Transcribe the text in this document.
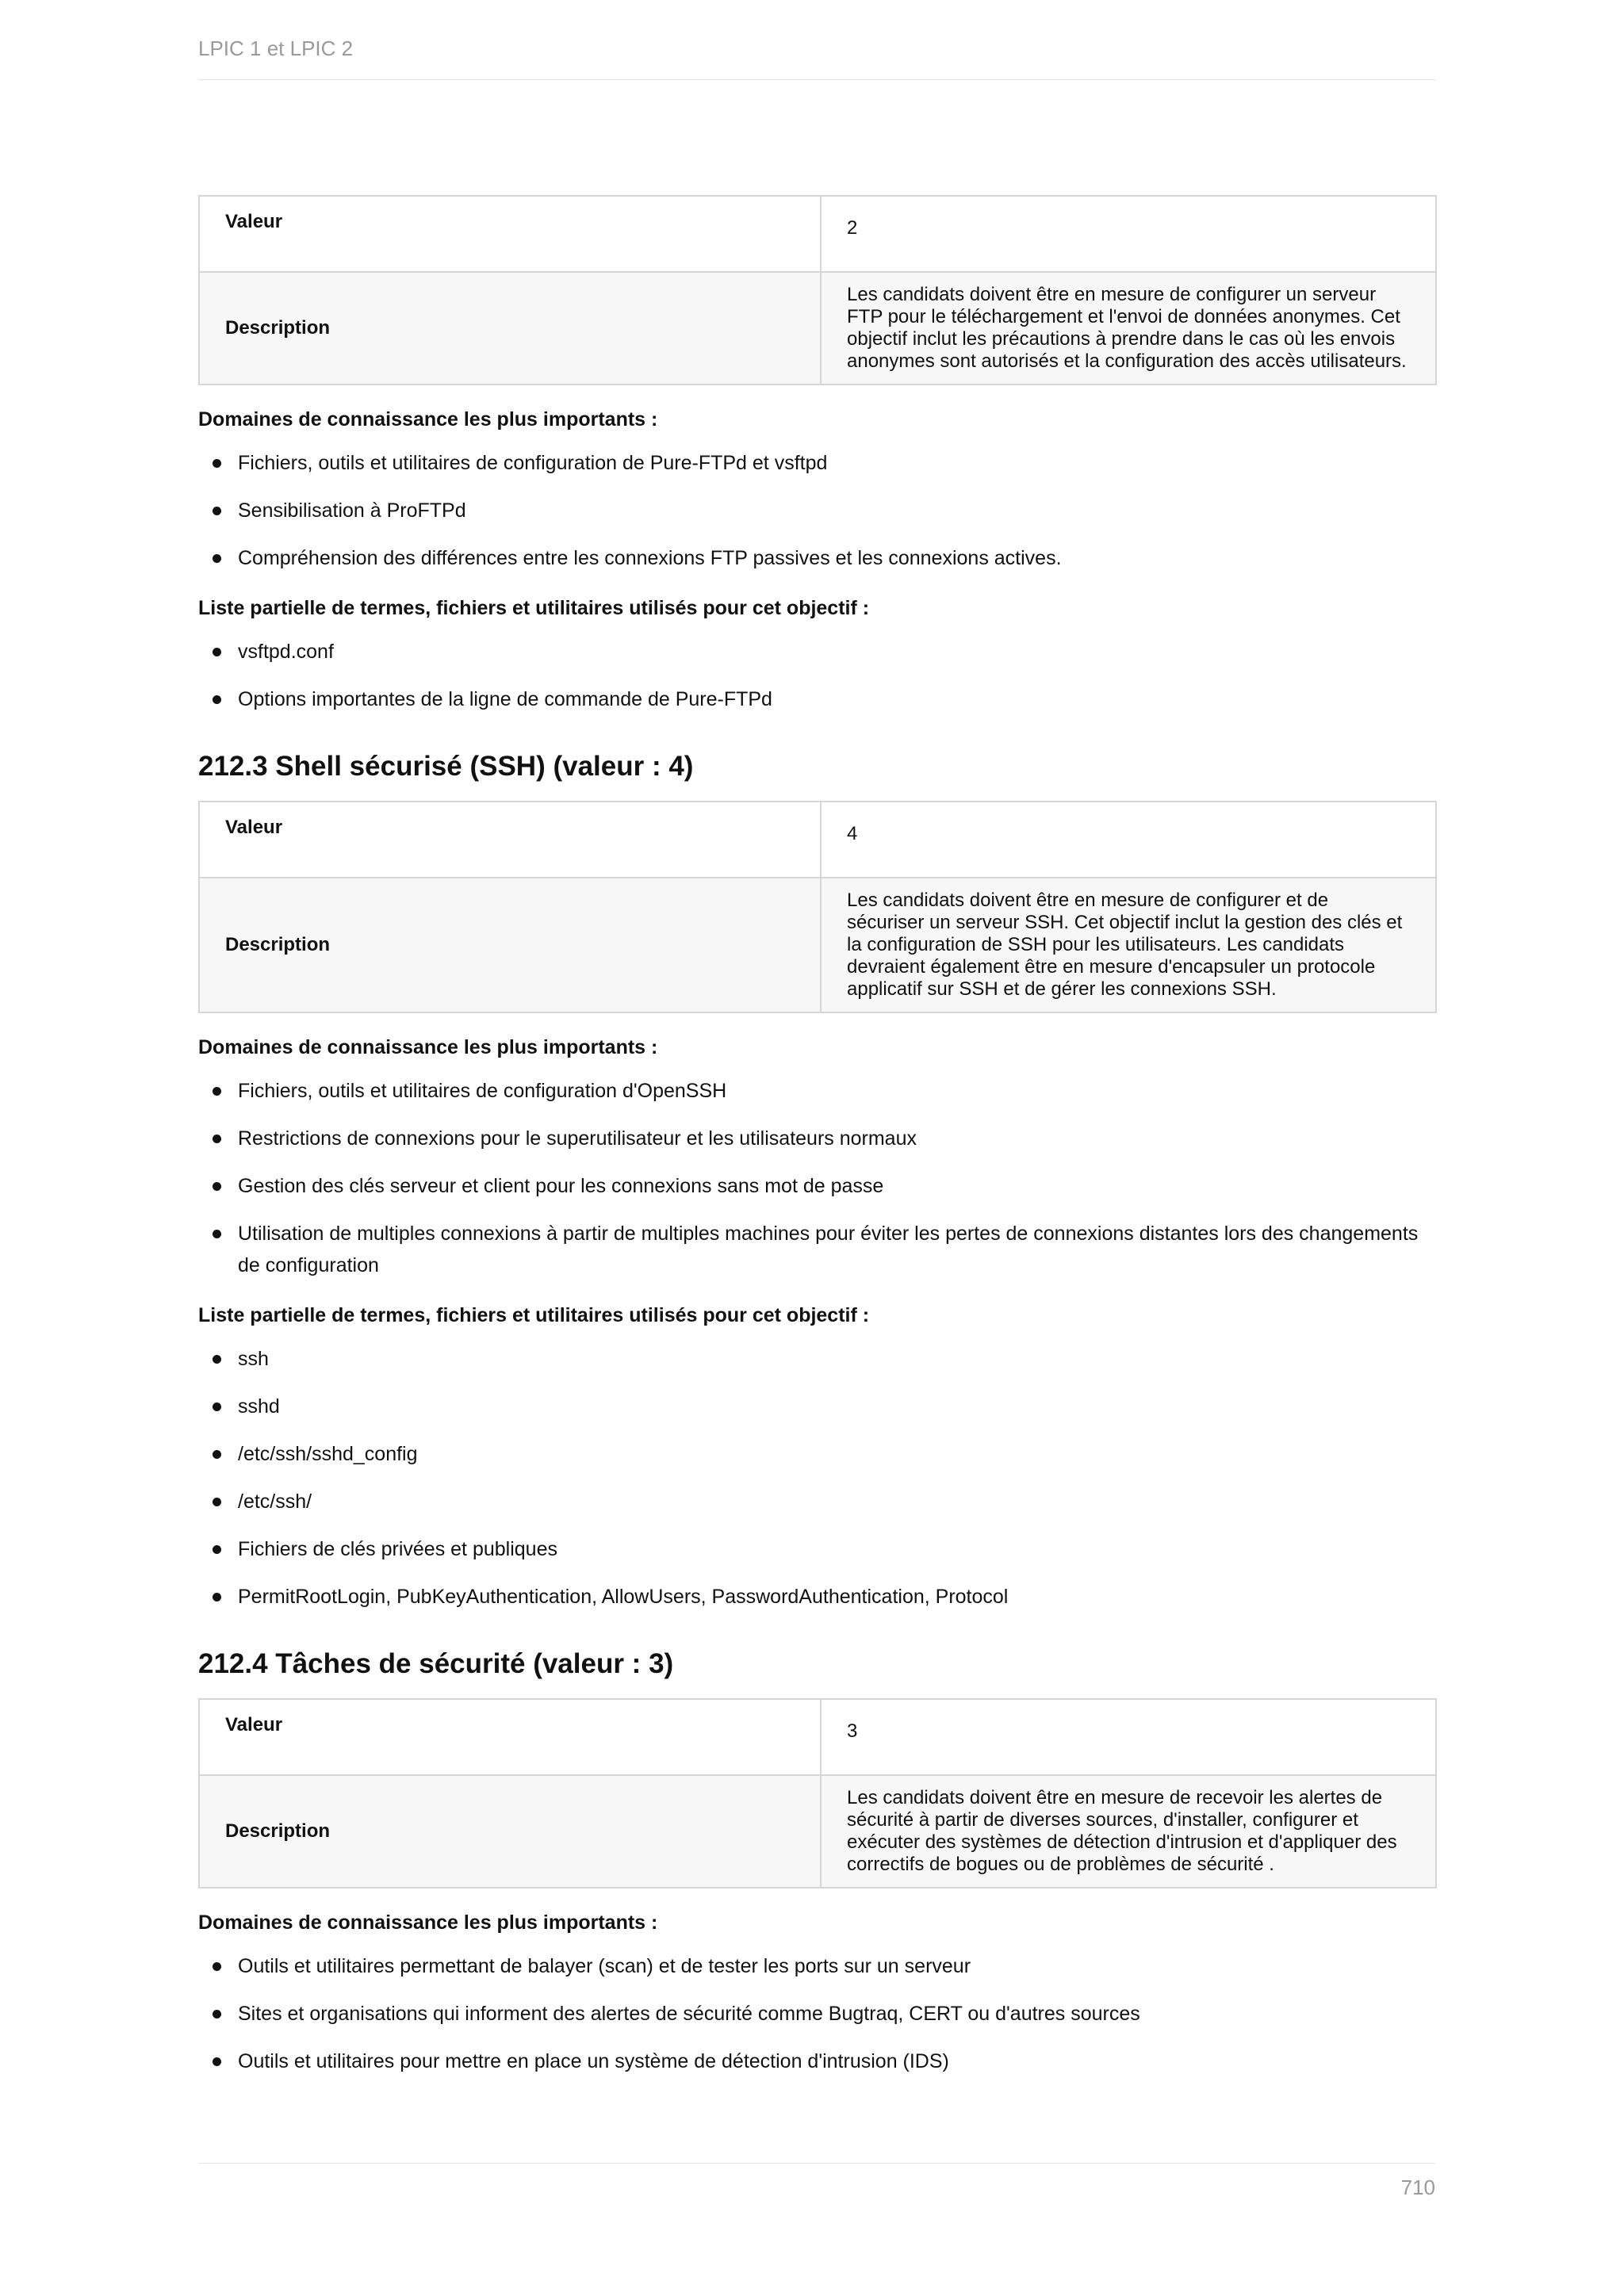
LPIC 1 et LPIC 2
Valeur	2
Description	Les candidats doivent être en mesure de configurer un serveur FTP pour le téléchargement et l'envoi de données anonymes. Cet objectif inclut les précautions à prendre dans le cas où les envois anonymes sont autorisés et la configuration des accès utilisateurs.

Domaines de connaissance les plus importants :

Fichiers, outils et utilitaires de configuration de Pure-FTPd et vsftpd
Sensibilisation à ProFTPd
Compréhension des différences entre les connexions FTP passives et les connexions actives.

Liste partielle de termes, fichiers et utilitaires utilisés pour cet objectif :

vsftpd.conf
Options importantes de la ligne de commande de Pure-FTPd
212.3 Shell sécurisé (SSH) (valeur : 4)
Valeur	4
Description	Les candidats doivent être en mesure de configurer et de sécuriser un serveur SSH. Cet objectif inclut la gestion des clés et la configuration de SSH pour les utilisateurs. Les candidats devraient également être en mesure d'encapsuler un protocole applicatif sur SSH et de gérer les connexions SSH.

Domaines de connaissance les plus importants :

Fichiers, outils et utilitaires de configuration d'OpenSSH
Restrictions de connexions pour le superutilisateur et les utilisateurs normaux
Gestion des clés serveur et client pour les connexions sans mot de passe
Utilisation de multiples connexions à partir de multiples machines pour éviter les pertes de connexions distantes lors des changements de configuration

Liste partielle de termes, fichiers et utilitaires utilisés pour cet objectif :

ssh
sshd
/etc/ssh/sshd_config
/etc/ssh/
Fichiers de clés privées et publiques
PermitRootLogin, PubKeyAuthentication, AllowUsers, PasswordAuthentication, Protocol
212.4 Tâches de sécurité (valeur : 3)
Valeur	3
Description	Les candidats doivent être en mesure de recevoir les alertes de sécurité à partir de diverses sources, d'installer, configurer et exécuter des systèmes de détection d'intrusion et d'appliquer des correctifs de bogues ou de problèmes de sécurité .

Domaines de connaissance les plus importants :

Outils et utilitaires permettant de balayer (scan) et de tester les ports sur un serveur
Sites et organisations qui informent des alertes de sécurité comme Bugtraq, CERT ou d'autres sources
Outils et utilitaires pour mettre en place un système de détection d'intrusion (IDS)
710
